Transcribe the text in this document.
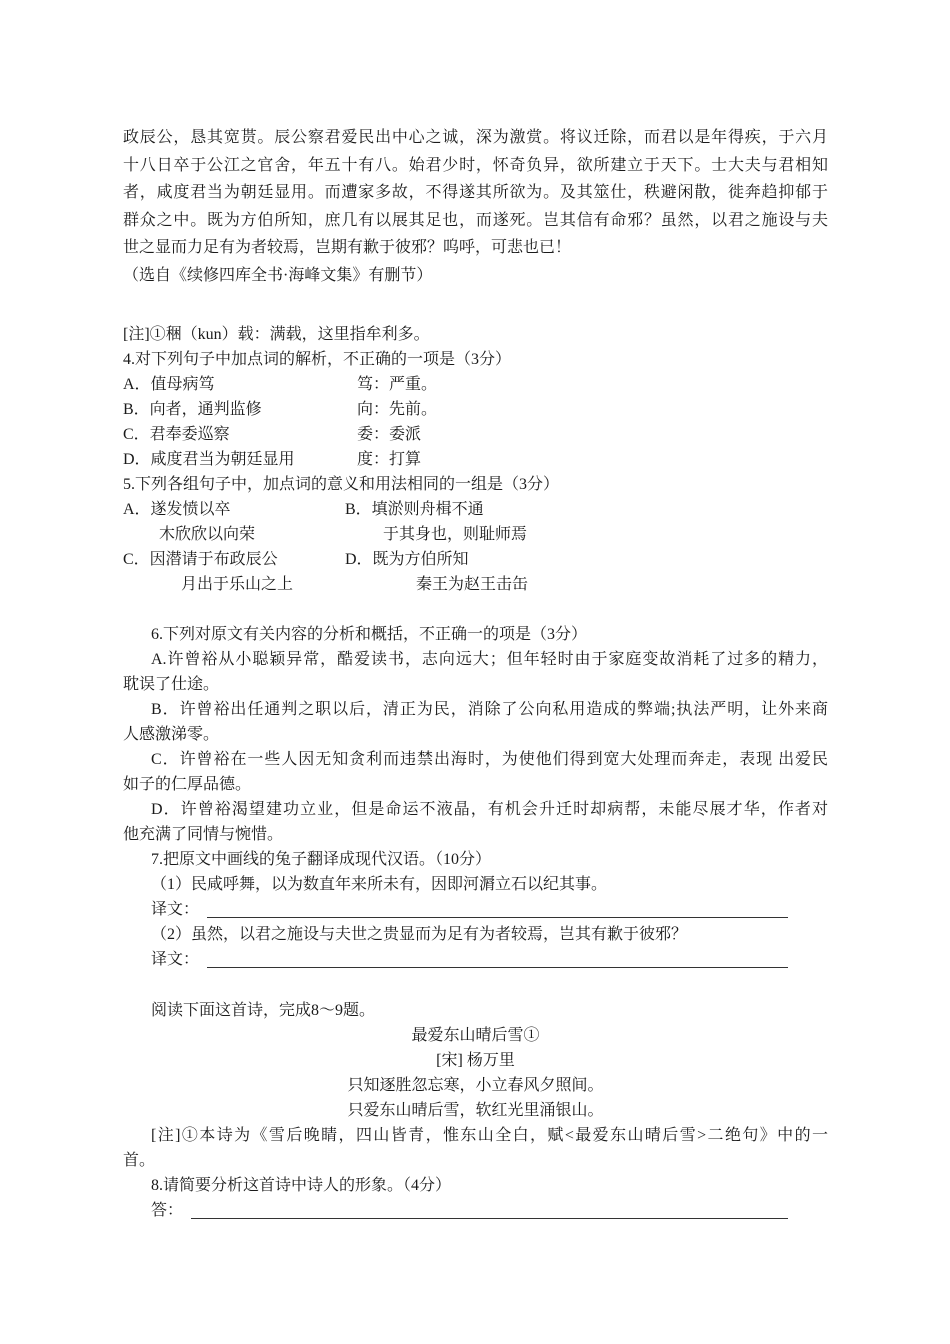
政辰公，恳其宽贳。辰公察君爱民出中心之诚，深为激赏。将议迁除，而君以是年得疾，于六月
十八日卒于公江之官舍，年五十有八。始君少时，怀奇负异，欲所建立于天下。士大夫与君相知
者，咸度君当为朝廷显用。而遭家多故，不得遂其所欲为。及其筮仕，秩避闲散，徙奔趋抑郁于
群众之中。既为方伯所知，庶几有以展其足也，而遂死。岂其信有命邪？虽然，以君之施设与夫
世之显而力足有为者较焉，岂期有歉于彼邪？呜呼，可悲也已！
（选自《续修四库全书·海峰文集》有删节）
[注]①稇（kun）载：满载，这里指牟利多。
4.对下列句子中加点词的解析，不正确的一项是（3分）
A．值母病笃	笃：严重。
B．向者，通判监修	向：先前。
C．君奉委巡察	委：委派
D．咸度君当为朝廷显用	度：打算
5.下列各组句子中，加点词的意义和用法相同的一组是（3分）
A．遂发愤以卒	B．填淤则舟楫不通
木欣欣以向荣	于其身也，则耻师焉
C．因潜请于布政辰公	D．既为方伯所知
月出于乐山之上	秦王为赵王击缶
6.下列对原文有关内容的分析和概括，不正确一的项是（3分）
A.许曾裕从小聪颖异常，酷爱读书，志向远大；但年轻时由于家庭变故消耗了过多的精力，
耽误了仕途。
B．许曾裕出任通判之职以后，清正为民，消除了公向私用造成的弊端;执法严明，让外来商
人感激涕零。
C．许曾裕在一些人因无知贪利而违禁出海时，为使他们得到宽大处理而奔走，表现 出爱民
如子的仁厚品德。
D．许曾裕渴望建功立业，但是命运不液晶，有机会升迁时却病帮，未能尽展才华，作者对
他充满了同情与惋惜。
7.把原文中画线的兔子翻译成现代汉语。（10分）
（1）民咸呼舞，以为数直年来所未有，因即河漘立石以纪其事。
译文：
（2）虽然，以君之施设与夫世之贵显而为足有为者较焉，岂其有歉于彼邪？
译文：
阅读下面这首诗，完成8～9题。
最爱东山晴后雪①
[宋] 杨万里
只知逐胜忽忘寒，小立春风夕照间。
只爱东山晴后雪，软红光里涌银山。
[注]①本诗为《雪后晚睛，四山皆青，惟东山全白，赋<最爱东山晴后雪>二绝句》中的一
首。
8.请简要分析这首诗中诗人的形象。（4分）
答：
